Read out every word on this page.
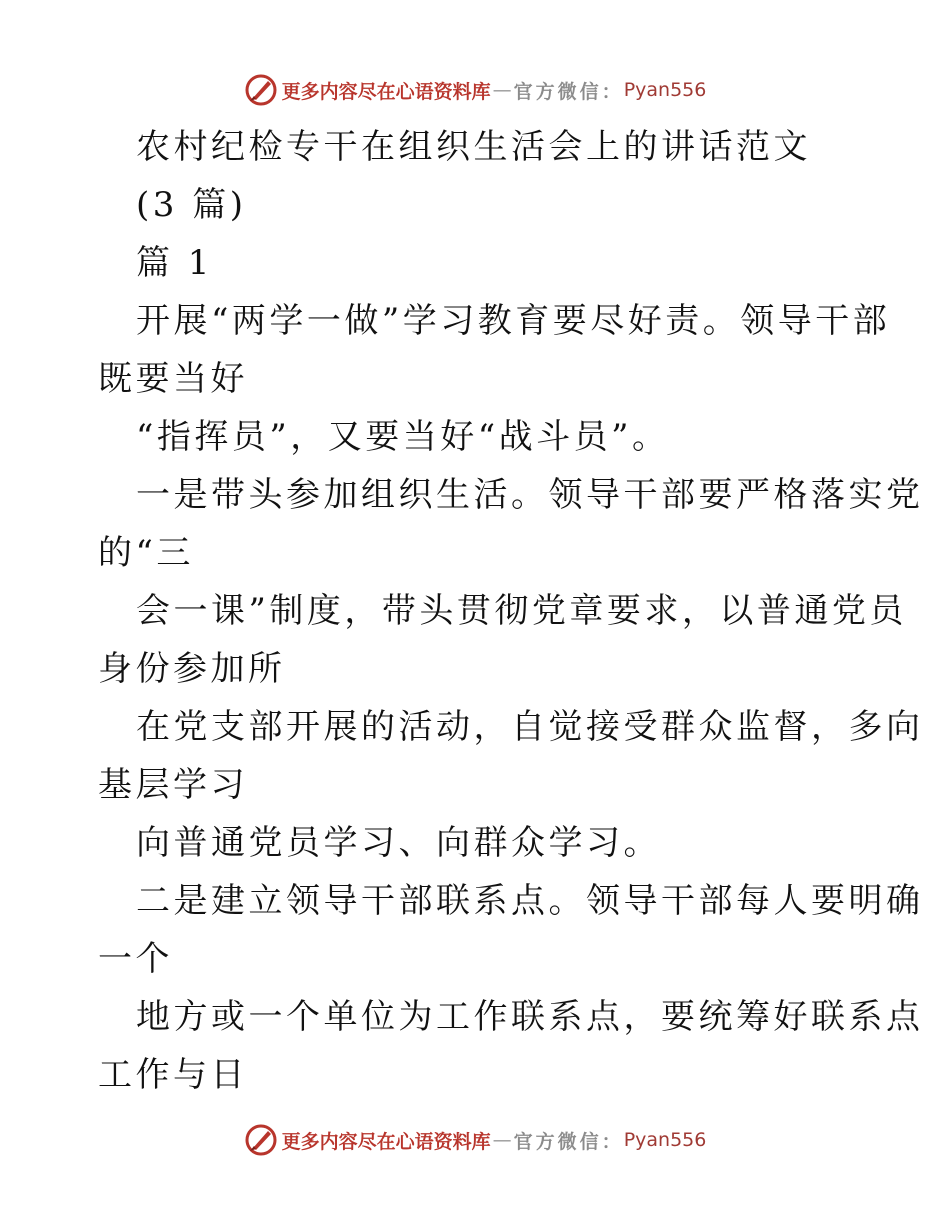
更多内容尽在心语资料库 — 官方微信： Pyan556
农村纪检专干在组织生活会上的讲话范文
(3 篇)
篇 1
开展“两学一做”学习教育要尽好责。领导干部
既要当好
“指挥员”，又要当好“战斗员”。
一是带头参加组织生活。领导干部要严格落实党
的“三
会一课”制度，带头贯彻党章要求，以普通党员
身份参加所
在党支部开展的活动，自觉接受群众监督，多向
基层学习
向普通党员学习、向群众学习。
二是建立领导干部联系点。领导干部每人要明确
一个
地方或一个单位为工作联系点，要统筹好联系点
工作与日
更多内容尽在心语资料库 — 官方微信： Pyan556
